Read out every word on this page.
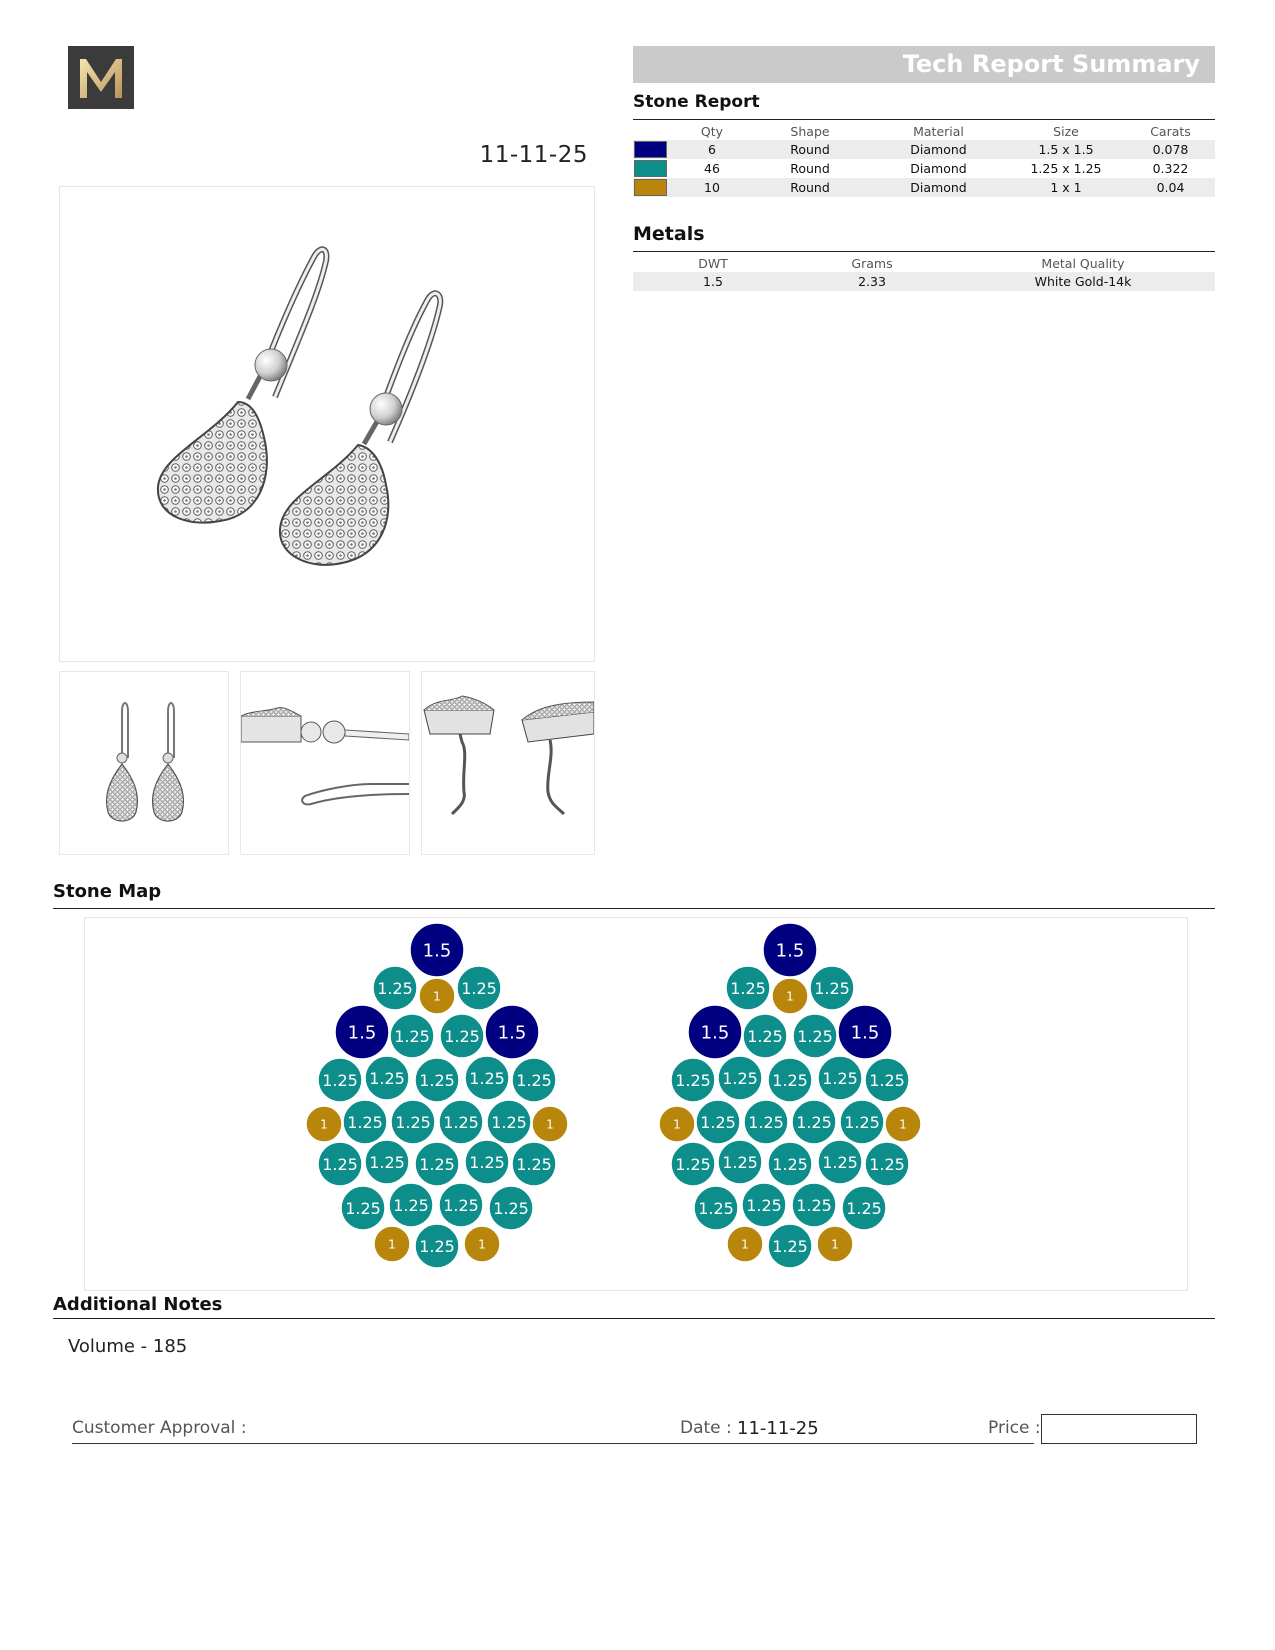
11-11-25
Tech Report Summary
Stone Report
	Qty	Shape	Material	Size	Carats

	6	Round	Diamond	1.5 x 1.5	0.078

	46	Round	Diamond	1.25 x 1.25	0.322

	10	Round	Diamond	1 x 1	0.04
Metals
DWT	Grams	Metal Quality
1.5	2.33	White Gold-14k
Stone Map
1.5
1.25 1 1.25
1.5 1.25 1.25 1.5
1.25 1.25 1.25 1.25 1.25
1 1.25 1.25 1.25 1.25 1
1.25 1.25 1.25 1.25 1.25
1.25 1.25 1.25 1.25
1 1.25 1
1.5
1.25 1 1.25
1.5 1.25 1.25 1.5
1.25 1.25 1.25 1.25 1.25
1 1.25 1.25 1.25 1.25 1
1.25 1.25 1.25 1.25 1.25
1.25 1.25 1.25 1.25
1 1.25 1
Additional Notes
Volume - 185
Customer Approval :	Date : 11-11-25	Price :
